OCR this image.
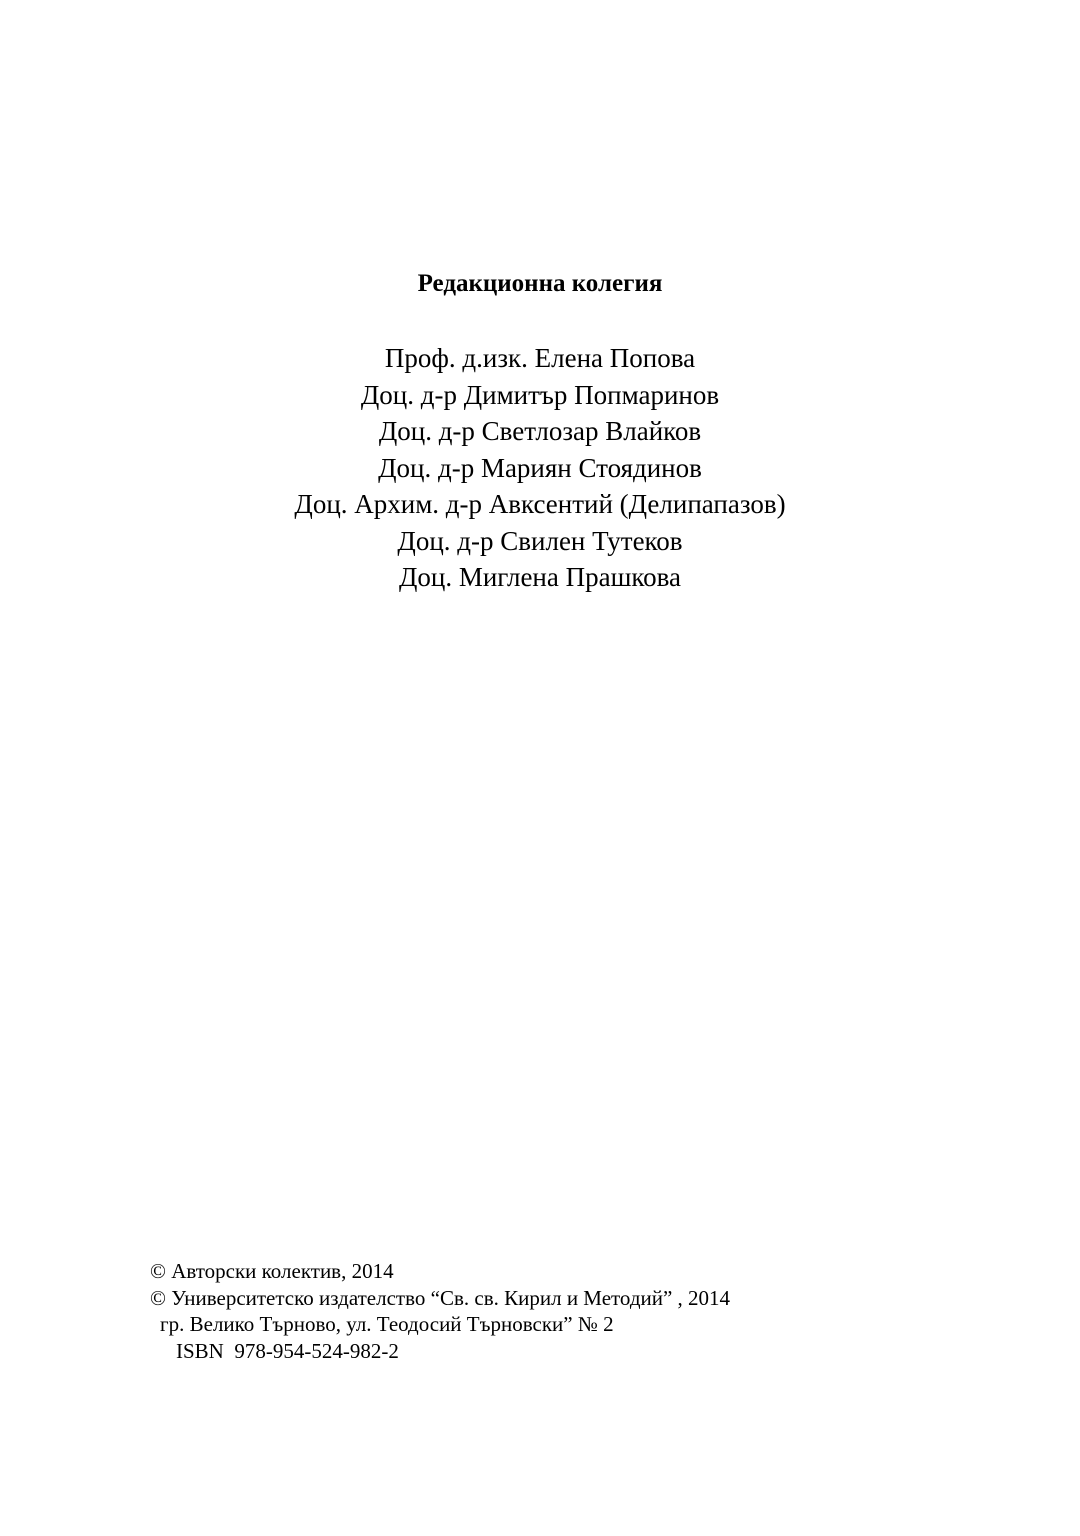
Редакционна колегия
Проф. д.изк. Елена Попова
Доц. д-р Димитър Попмаринов
Доц. д-р Светлозар Влайков
Доц. д-р Мариян Стоядинов
Доц. Архим. д-р Авксентий (Делипапазов)
Доц. д-р Свилен Тутеков
Доц. Миглена Прашкова
© Авторски колектив, 2014
© Университетско издателство “Св. св. Кирил и Методий” , 2014
гр. Велико Търново, ул. Теодосий Търновски” № 2
ISBN  978-954-524-982-2
